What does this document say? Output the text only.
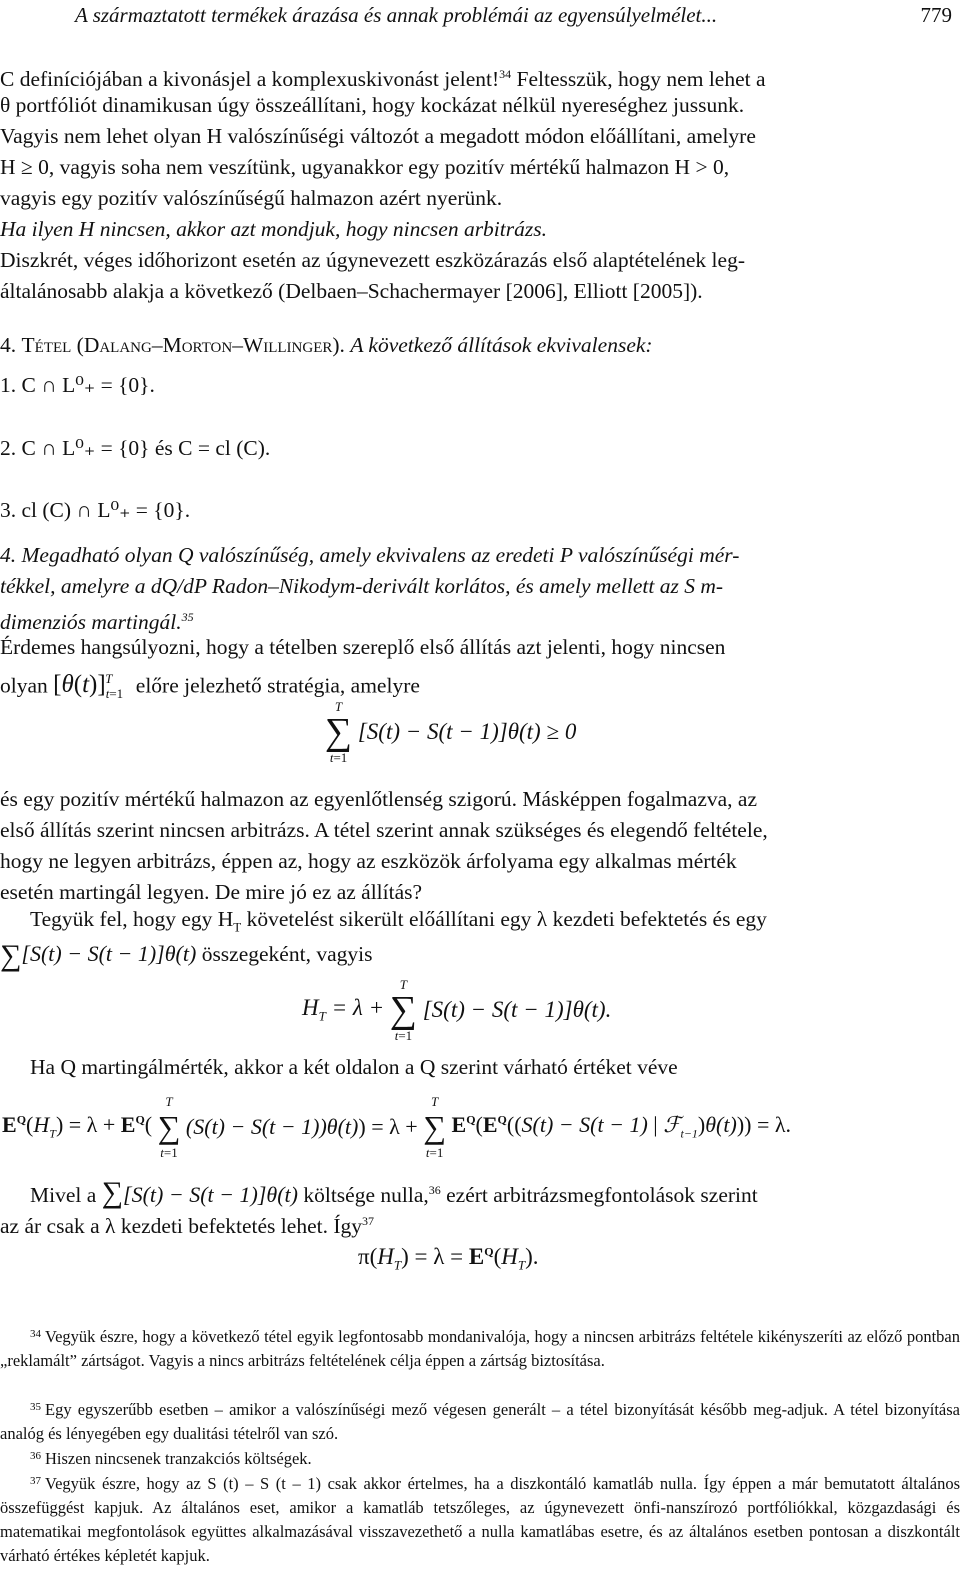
A származtatott termékek árazása és annak problémái az egyensúlyelmélet...	779
C definíciójában a kivonásjel a komplexuskivonást jelent!$^{34}$ Feltesszük, hogy nem lehet a
θ portfóliót dinamikusan úgy összeállítani, hogy kockázat nélkül nyereséghez jussunk.
Vagyis nem lehet olyan H valószínűségi változót a megadott módon előállítani, amelyre
H ≥ 0, vagyis soha nem veszítünk, ugyanakkor egy pozitív mértékű halmazon H > 0,
vagyis egy pozitív valószínűségű halmazon azért nyerünk.
Ha ilyen H nincsen, akkor azt mondjuk, hogy nincsen arbitrázs.
Diszkrét, véges időhorizont esetén az úgynevezett eszközárazás első alaptételének leg-
általánosabb alakja a következő (Delbaen–Schachermayer [2006], Elliott [2005]).
4. Tétel (Dalang–Morton–Willinger). A következő állítások ekvivalensek:
1. C ∩ L⁰₊ = {0}.
2. C ∩ L⁰₊ = {0} és C = cl (C).
3. cl (C) ∩ L⁰₊ = {0}.
4. Megadható olyan Q valószínűség, amely ekvivalens az eredeti P valószínűségi mér-
tékkel, amelyre a dQ/dP Radon–Nikodym-derivált korlátos, és amely mellett az S m-
dimenziós martingál.$^{35}$
Érdemes hangsúlyozni, hogy a tételben szereplő első állítás azt jelenti, hogy nincsen
olyan $[\theta(t)]_{t=1}^T$ előre jelezhető stratégia, amelyre
T
∑
t=1
[S(t) − S(t − 1)]θ(t) ≥ 0
és egy pozitív mértékű halmazon az egyenlőtlenség szigorú. Másképpen fogalmazva, az
első állítás szerint nincsen arbitrázs. A tétel szerint annak szükséges és elegendő feltétele,
hogy ne legyen arbitrázs, éppen az, hogy az eszközök árfolyama egy alkalmas mérték
esetén martingál legyen. De mire jó ez az állítás?
Tegyük fel, hogy egy $H_T$ követelést sikerült előállítani egy λ kezdeti befektetés és egy
∑[S(t) − S(t − 1)]θ(t) összegeként, vagyis
$H_T = \lambda$ +
T
∑
t=1
[S(t) − S(t − 1)]θ(t).
Ha Q martingálmérték, akkor a két oldalon a Q szerint várható értéket véve
$E^Q(H_T) = \lambda + E^Q$(
T
∑
t=1
(S(t) − S(t − 1))θ(t)) = λ +
T
∑
t=1
$E^Q(E^Q((S(t) - S(t - 1)$ | ℱ$_{t-1}$)θ(t))) = λ.
Mivel a ∑[S(t) − S(t − 1)]θ(t) költsége nulla,$^{36}$ ezért arbitrázsmegfontolások szerint
az ár csak a λ kezdeti befektetés lehet. Így$^{37}$
$\pi(H_T) = \lambda = E^Q(H_T)$.

$^{34}$ Vegyük észre, hogy a következő tétel egyik legfontosabb mondanivalója, hogy a nincsen arbitrázs feltétele kikényszeríti az előző pontban „reklamált” zártságot. Vagyis a nincs arbitrázs feltételének célja éppen a zártság biztosítása.

$^{35}$ Egy egyszerűbb esetben – amikor a valószínűségi mező végesen generált – a tétel bizonyítását később meg-adjuk. A tétel bizonyítása analóg és lényegében egy dualitási tételről van szó.

$^{36}$ Hiszen nincsenek tranzakciós költségek.

$^{37}$ Vegyük észre, hogy az S (t) – S (t – 1) csak akkor értelmes, ha a diszkontáló kamatláb nulla. Így éppen a már bemutatott általános összefüggést kapjuk. Az általános eset, amikor a kamatláb tetszőleges, az úgynevezett önfi-nanszírozó portfóliókkal, közgazdasági és matematikai megfontolások együttes alkalmazásával visszavezethető a nulla kamatlábas esetre, és az általános esetben pontosan a diszkontált várható értékes képletét kapjuk.
